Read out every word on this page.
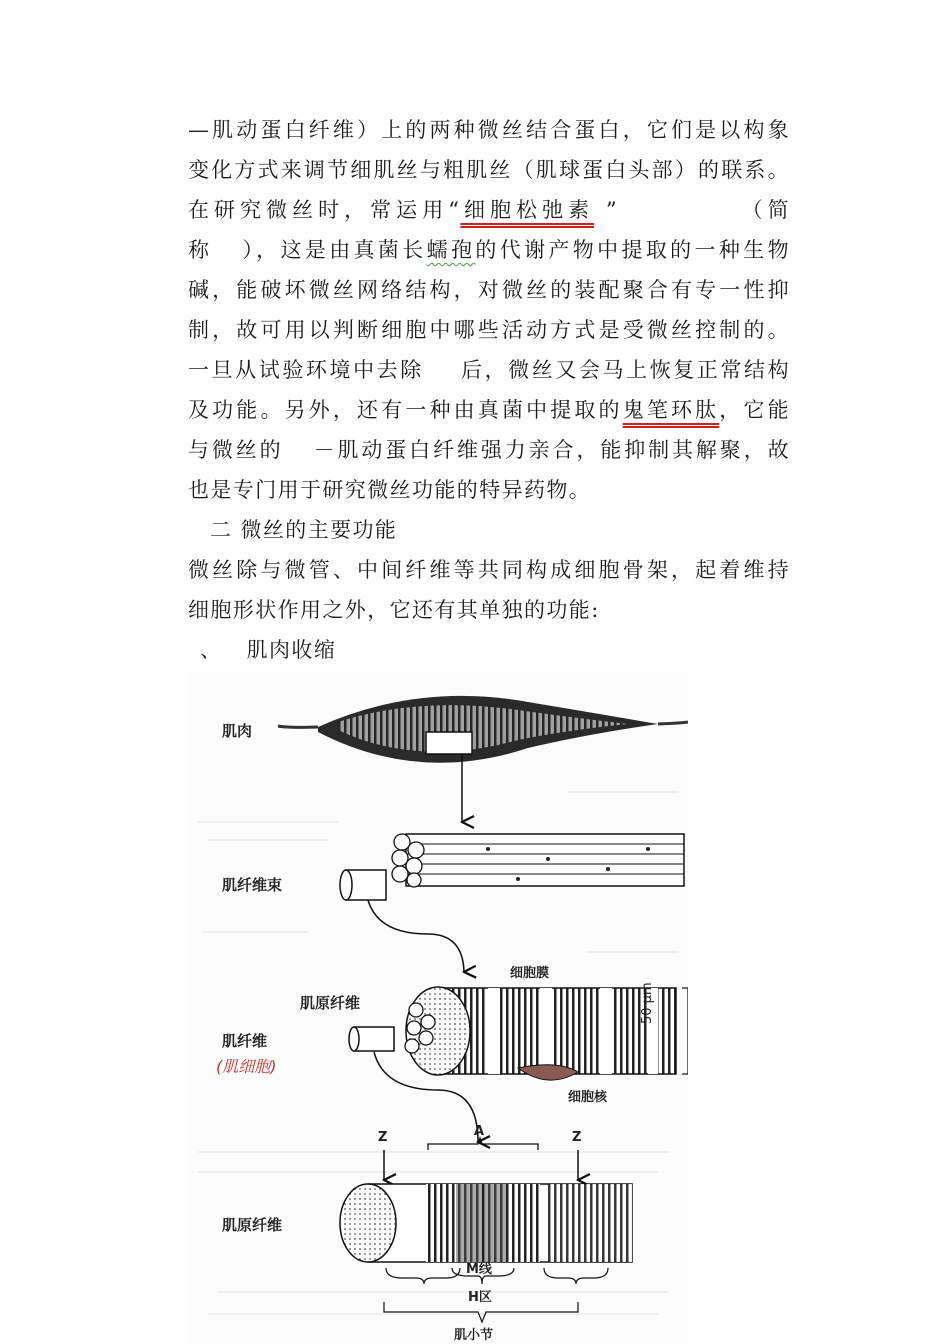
—肌动蛋白纤维）上的两种微丝结合蛋白，它们是以构象
变化方式来调节细肌丝与粗肌丝（肌球蛋白头部）的联系。
在研究微丝时，常运用“细胞松弛素 ”	（简
称 ），这是由真菌长蠕孢的代谢产物中提取的一种生物
碱，能破坏微丝网络结构，对微丝的装配聚合有专一性抑
制，故可用以判断细胞中哪些活动方式是受微丝控制的。
一旦从试验环境中去除 后，微丝又会马上恢复正常结构
及功能。另外，还有一种由真菌中提取的鬼笔环肽，它能
与微丝的 －肌动蛋白纤维强力亲合，能抑制其解聚，故
也是专门用于研究微丝功能的特异药物。
二 微丝的主要功能
微丝除与微管、中间纤维等共同构成细胞骨架，起着维持
细胞形状作用之外，它还有其单独的功能:
、   肌肉收缩
肌肉
肌纤维束
肌原纤维
肌纤维
(肌细胞)
细胞膜
50 μm
细胞核
Z	A	Z
肌原纤维
M线
H区
肌小节
